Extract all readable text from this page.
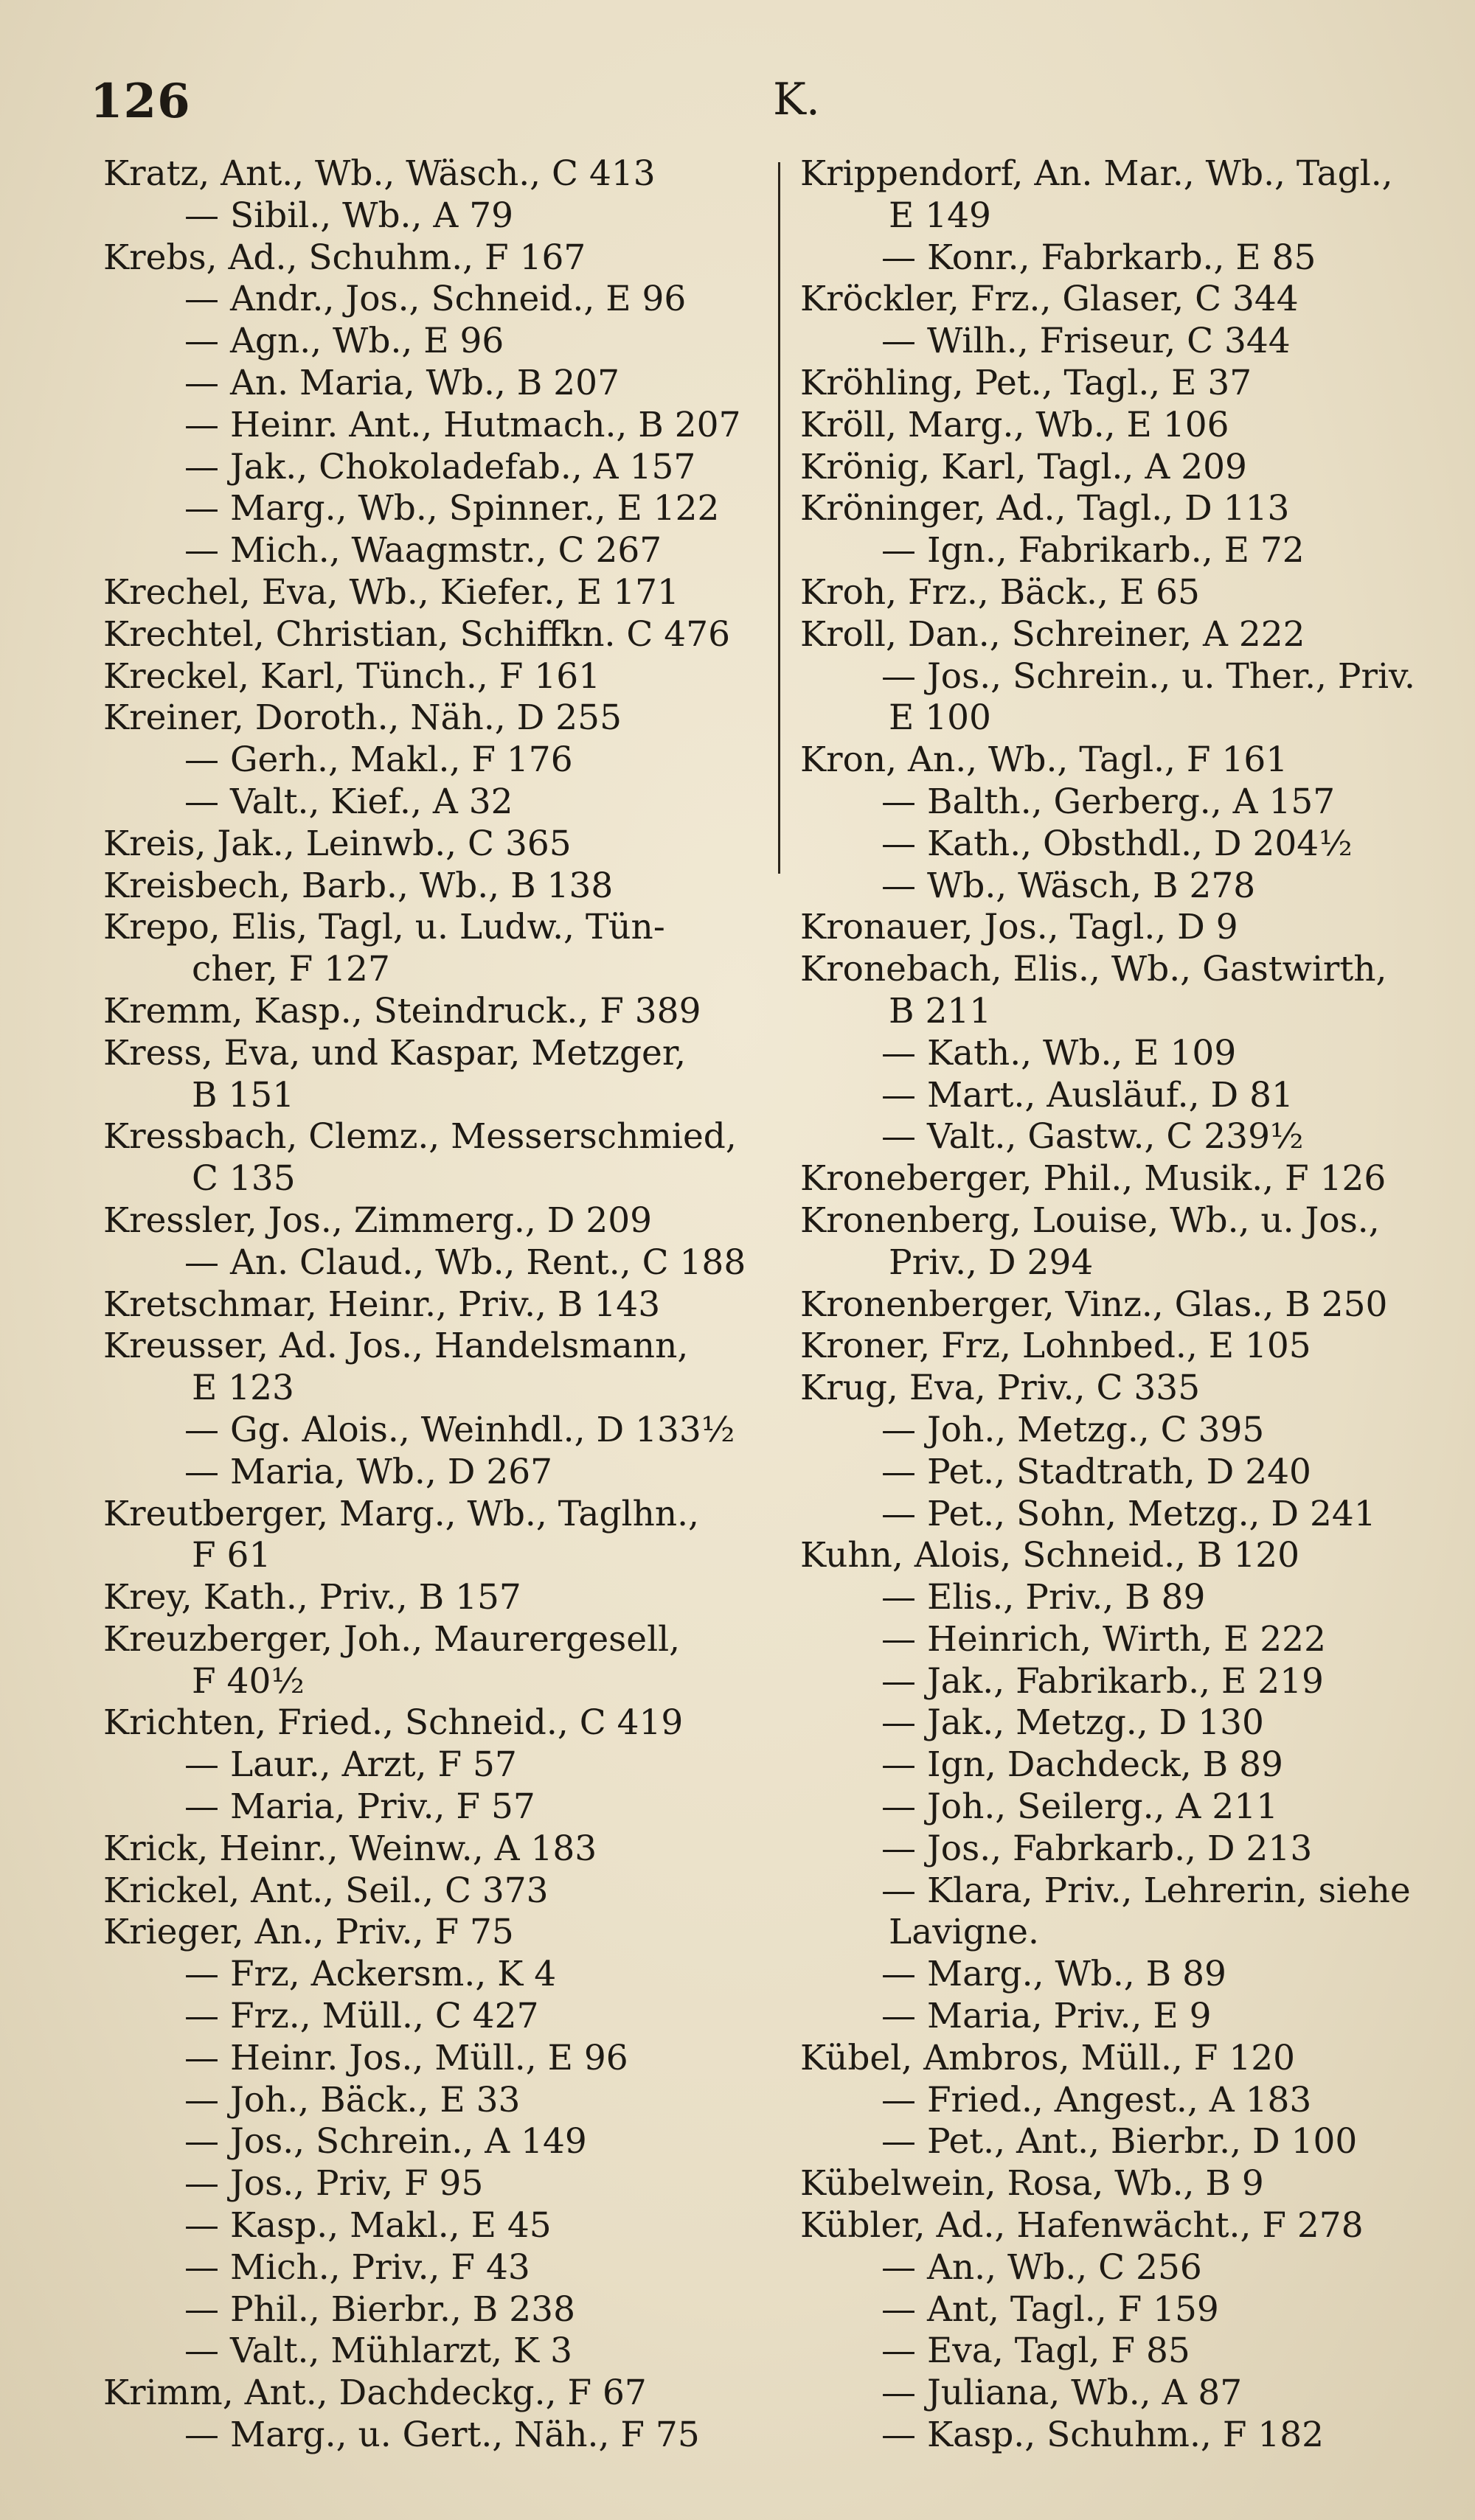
126	K.
Kratz, Ant., Wb., Wäsch., C 413
— Sibil., Wb., A 79
Krebs, Ad., Schuhm., F 167
— Andr., Jos., Schneid., E 96
— Agn., Wb., E 96
— An. Maria, Wb., B 207
— Heinr. Ant., Hutmach., B 207
— Jak., Chokoladefab., A 157
— Marg., Wb., Spinner., E 122
— Mich., Waagmstr., C 267
Krechel, Eva, Wb., Kiefer., E 171
Krechtel, Christian, Schiffkn. C 476
Kreckel, Karl, Tünch., F 161
Kreiner, Doroth., Näh., D 255
— Gerh., Makl., F 176
— Valt., Kief., A 32
Kreis, Jak., Leinwb., C 365
Kreisbech, Barb., Wb., B 138
Krepo, Elis, Tagl, u. Ludw., Tün-
cher, F 127
Kremm, Kasp., Steindruck., F 389
Kress, Eva, und Kaspar, Metzger,
B 151
Kressbach, Clemz., Messerschmied,
C 135
Kressler, Jos., Zimmerg., D 209
— An. Claud., Wb., Rent., C 188
Kretschmar, Heinr., Priv., B 143
Kreusser, Ad. Jos., Handelsmann,
E 123
— Gg. Alois., Weinhdl., D 133½
— Maria, Wb., D 267
Kreutberger, Marg., Wb., Taglhn.,
F 61
Krey, Kath., Priv., B 157
Kreuzberger, Joh., Maurergesell,
F 40½
Krichten, Fried., Schneid., C 419
— Laur., Arzt, F 57
— Maria, Priv., F 57
Krick, Heinr., Weinw., A 183
Krickel, Ant., Seil., C 373
Krieger, An., Priv., F 75
— Frz, Ackersm., K 4
— Frz., Müll., C 427
— Heinr. Jos., Müll., E 96
— Joh., Bäck., E 33
— Jos., Schrein., A 149
— Jos., Priv, F 95
— Kasp., Makl., E 45
— Mich., Priv., F 43
— Phil., Bierbr., B 238
— Valt., Mühlarzt, K 3
Krimm, Ant., Dachdeckg., F 67
— Marg., u. Gert., Näh., F 75
Krippendorf, An. Mar., Wb., Tagl.,
E 149
— Konr., Fabrkarb., E 85
Kröckler, Frz., Glaser, C 344
— Wilh., Friseur, C 344
Kröhling, Pet., Tagl., E 37
Kröll, Marg., Wb., E 106
Krönig, Karl, Tagl., A 209
Kröninger, Ad., Tagl., D 113
— Ign., Fabrikarb., E 72
Kroh, Frz., Bäck., E 65
Kroll, Dan., Schreiner, A 222
— Jos., Schrein., u. Ther., Priv.
E 100
Kron, An., Wb., Tagl., F 161
— Balth., Gerberg., A 157
— Kath., Obsthdl., D 204½
— Wb., Wäsch, B 278
Kronauer, Jos., Tagl., D 9
Kronebach, Elis., Wb., Gastwirth,
B 211
— Kath., Wb., E 109
— Mart., Ausläuf., D 81
— Valt., Gastw., C 239½
Kroneberger, Phil., Musik., F 126
Kronenberg, Louise, Wb., u. Jos.,
Priv., D 294
Kronenberger, Vinz., Glas., B 250
Kroner, Frz, Lohnbed., E 105
Krug, Eva, Priv., C 335
— Joh., Metzg., C 395
— Pet., Stadtrath, D 240
— Pet., Sohn, Metzg., D 241
Kuhn, Alois, Schneid., B 120
— Elis., Priv., B 89
— Heinrich, Wirth, E 222
— Jak., Fabrikarb., E 219
— Jak., Metzg., D 130
— Ign, Dachdeck, B 89
— Joh., Seilerg., A 211
— Jos., Fabrkarb., D 213
— Klara, Priv., Lehrerin, siehe
Lavigne.
— Marg., Wb., B 89
— Maria, Priv., E 9
Kübel, Ambros, Müll., F 120
— Fried., Angest., A 183
— Pet., Ant., Bierbr., D 100
Kübelwein, Rosa, Wb., B 9
Kübler, Ad., Hafenwächt., F 278
— An., Wb., C 256
— Ant, Tagl., F 159
— Eva, Tagl, F 85
— Juliana, Wb., A 87
— Kasp., Schuhm., F 182
